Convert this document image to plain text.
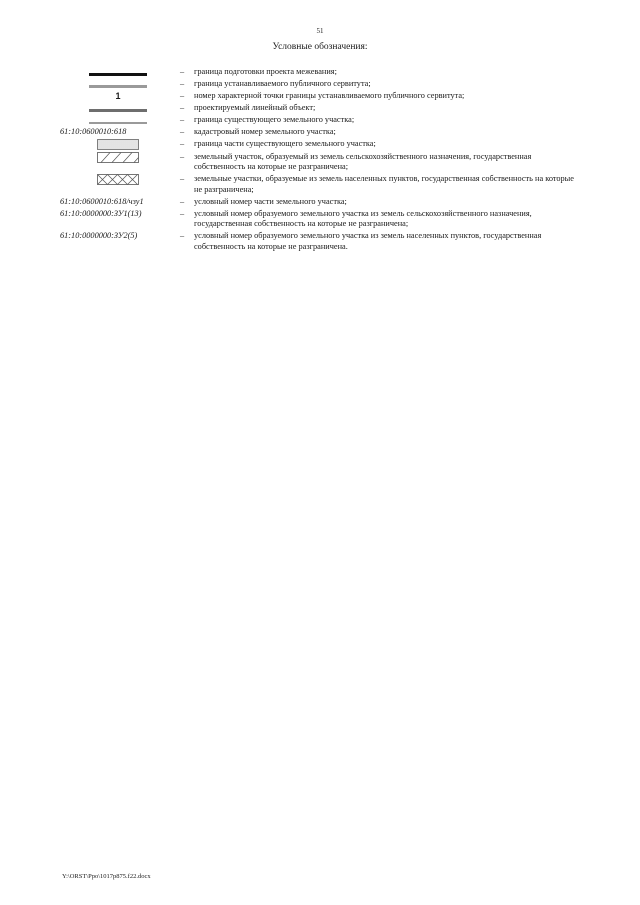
51
Условные обозначения:
–	граница подготовки проекта межевания;
–	граница устанавливаемого публичного сервитута;
1	–	номер характерной точки границы устанавливаемого публичного сервитута;
–	проектируемый линейный объект;
–	граница существующего земельного участка;
61:10:0600010:618	–	кадастровый номер земельного участка;
–	граница части существующего земельного участка;
–	земельный участок, образуемый из земель сельскохозяйственного назначения, государственная собственность на которые не разграничена;
–	земельные участки, образуемые из земель населенных пунктов, государственная собственность на которые не разграничена;
61:10:0600010:618/чзу1	–	условный номер части земельного участка;
61:10:0000000:ЗУ1(13)	–	условный номер образуемого земельного участка из земель сельскохозяйственного назначения, государственная собственность на которые не разграничена;
61:10:0000000:ЗУ2(5)	–	условный номер образуемого земельного участка из земель населенных пунктов, государственная собственность на которые не разграничена.
Y:\ORST\Ppo\1017p875.f22.docx
